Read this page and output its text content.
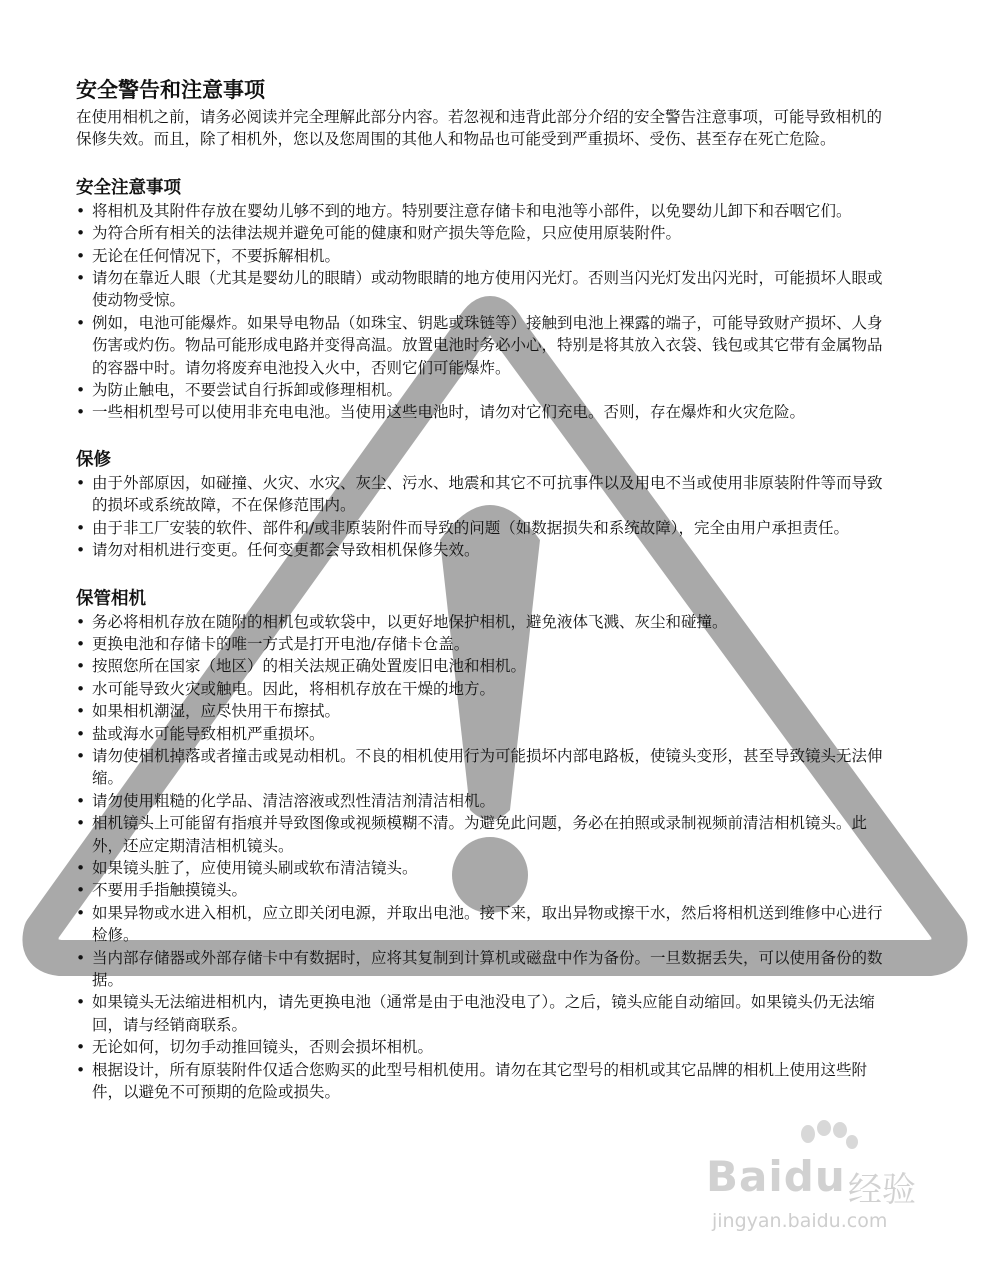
安全警告和注意事项

在使用相机之前，请务必阅读并完全理解此部分内容。若忽视和违背此部分介绍的安全警告注意事项，可能导致相机的保修失效。而且，除了相机外，您以及您周围的其他人和物品也可能受到严重损坏、受伤、甚至存在死亡危险。

安全注意事项
• 将相机及其附件存放在婴幼儿够不到的地方。特别要注意存储卡和电池等小部件，以免婴幼儿卸下和吞咽它们。
• 为符合所有相关的法律法规并避免可能的健康和财产损失等危险，只应使用原装附件。
• 无论在任何情况下，不要拆解相机。
• 请勿在靠近人眼（尤其是婴幼儿的眼睛）或动物眼睛的地方使用闪光灯。否则当闪光灯发出闪光时，可能损坏人眼或使动物受惊。
• 例如，电池可能爆炸。如果导电物品（如珠宝、钥匙或珠链等）接触到电池上裸露的端子，可能导致财产损坏、人身伤害或灼伤。物品可能形成电路并变得高温。放置电池时务必小心，特别是将其放入衣袋、钱包或其它带有金属物品的容器中时。请勿将废弃电池投入火中，否则它们可能爆炸。
• 为防止触电，不要尝试自行拆卸或修理相机。
• 一些相机型号可以使用非充电电池。当使用这些电池时，请勿对它们充电。否则，存在爆炸和火灾危险。
保修
• 由于外部原因，如碰撞、火灾、水灾、灰尘、污水、地震和其它不可抗事件以及用电不当或使用非原装附件等而导致的损坏或系统故障，不在保修范围内。
• 由于非工厂安装的软件、部件和/或非原装附件而导致的问题（如数据损失和系统故障），完全由用户承担责任。
• 请勿对相机进行变更。任何变更都会导致相机保修失效。
保管相机
• 务必将相机存放在随附的相机包或软袋中，以更好地保护相机，避免液体飞溅、灰尘和碰撞。
• 更换电池和存储卡的唯一方式是打开电池/存储卡仓盖。
• 按照您所在国家（地区）的相关法规正确处置废旧电池和相机。
• 水可能导致火灾或触电。因此，将相机存放在干燥的地方。
• 如果相机潮湿，应尽快用干布擦拭。
• 盐或海水可能导致相机严重损坏。
• 请勿使相机掉落或者撞击或晃动相机。不良的相机使用行为可能损坏内部电路板，使镜头变形，甚至导致镜头无法伸缩。
• 请勿使用粗糙的化学品、清洁溶液或烈性清洁剂清洁相机。
• 相机镜头上可能留有指痕并导致图像或视频模糊不清。为避免此问题，务必在拍照或录制视频前清洁相机镜头。此外，还应定期清洁相机镜头。
• 如果镜头脏了，应使用镜头刷或软布清洁镜头。
• 不要用手指触摸镜头。
• 如果异物或水进入相机，应立即关闭电源，并取出电池。接下来，取出异物或擦干水，然后将相机送到维修中心进行检修。
• 当内部存储器或外部存储卡中有数据时，应将其复制到计算机或磁盘中作为备份。一旦数据丢失，可以使用备份的数据。
• 如果镜头无法缩进相机内，请先更换电池（通常是由于电池没电了）。之后，镜头应能自动缩回。如果镜头仍无法缩回，请与经销商联系。
• 无论如何，切勿手动推回镜头，否则会损坏相机。
• 根据设计，所有原装附件仅适合您购买的此型号相机使用。请勿在其它型号的相机或其它品牌的相机上使用这些附件，以避免不可预期的危险或损失。
Baidu 经验
jingyan.baidu.com
